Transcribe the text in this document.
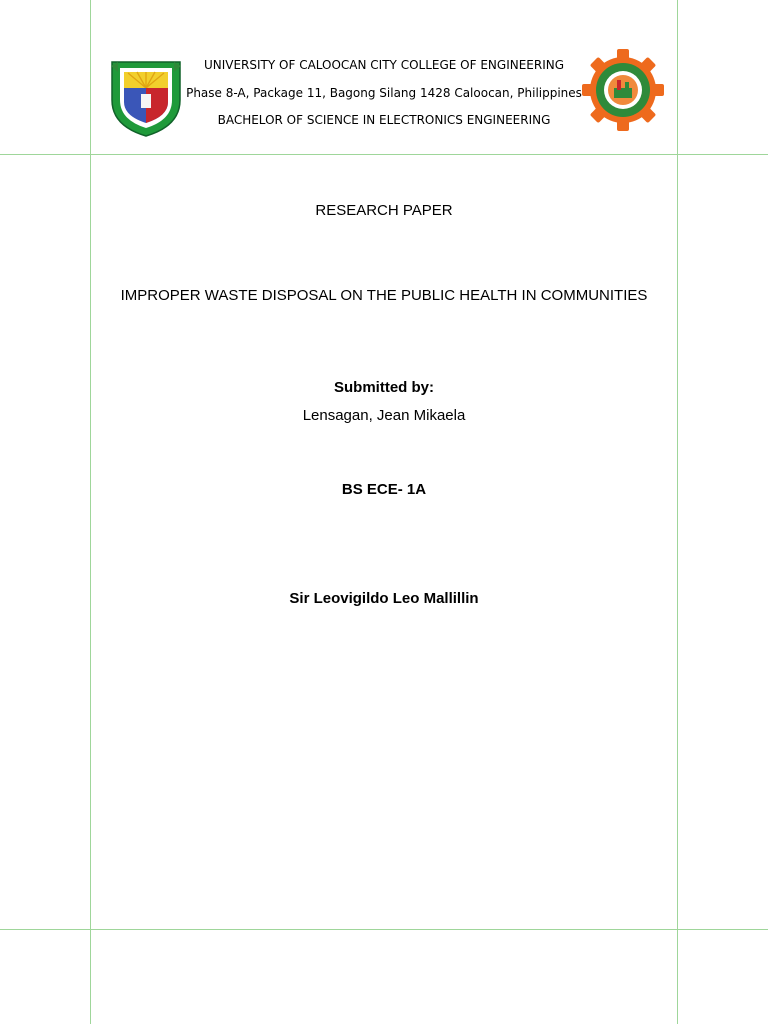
UNIVERSITY OF CALOOCAN CITY COLLEGE OF ENGINEERING
Phase 8-A, Package 11, Bagong Silang 1428 Caloocan, Philippines
BACHELOR OF SCIENCE IN ELECTRONICS ENGINEERING
RESEARCH PAPER
IMPROPER WASTE DISPOSAL ON THE PUBLIC HEALTH IN COMMUNITIES
Submitted by:
Lensagan, Jean Mikaela
BS ECE- 1A
Sir Leovigildo Leo Mallillin
